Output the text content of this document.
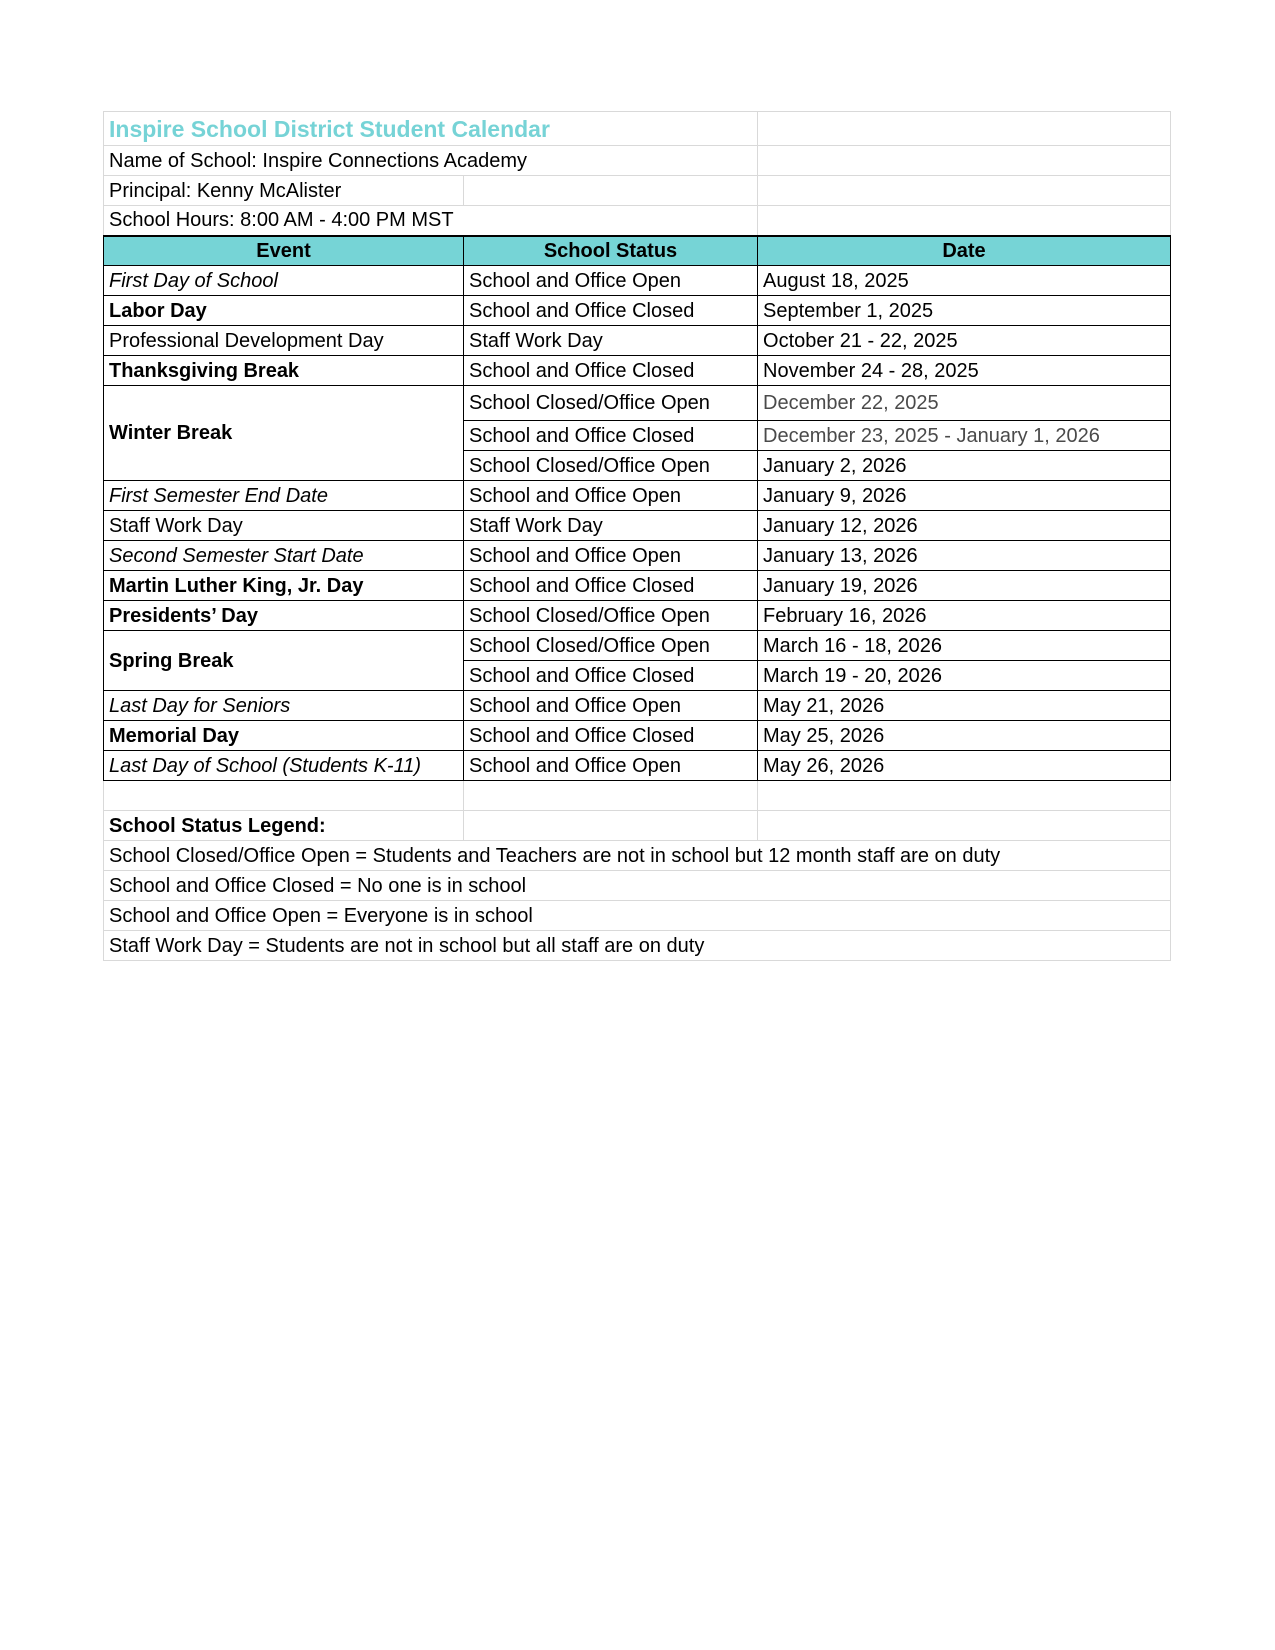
Inspire School District Student Calendar		
Name of School: Inspire Connections Academy		
Principal: Kenny McAlister		
School Hours: 8:00 AM - 4:00 PM MST		
Event	School Status	Date
First Day of School	School and Office Open	August 18, 2025
Labor Day	School and Office Closed	September 1, 2025
Professional Development Day	Staff Work Day	October 21 - 22, 2025
Thanksgiving Break	School and Office Closed	November 24 - 28, 2025
Winter Break	School Closed/Office Open	December 22, 2025
	School and Office Closed	December 23, 2025 - January 1, 2026
	School Closed/Office Open	January 2, 2026
First Semester End Date	School and Office Open	January 9, 2026
Staff Work Day	Staff Work Day	January 12, 2026
Second Semester Start Date	School and Office Open	January 13, 2026
Martin Luther King, Jr. Day	School and Office Closed	January 19, 2026
Presidents’ Day	School Closed/Office Open	February 16, 2026
Spring Break	School Closed/Office Open	March 16 - 18, 2026
	School and Office Closed	March 19 - 20, 2026
Last Day for Seniors	School and Office Open	May 21, 2026
Memorial Day	School and Office Closed	May 25, 2026
Last Day of School (Students K-11)	School and Office Open	May 26, 2026

School Status Legend:		
School Closed/Office Open = Students and Teachers are not in school but 12 month staff are on duty		
School and Office Closed = No one is in school		
School and Office Open = Everyone is in school		
Staff Work Day = Students are not in school but all staff are on duty		
